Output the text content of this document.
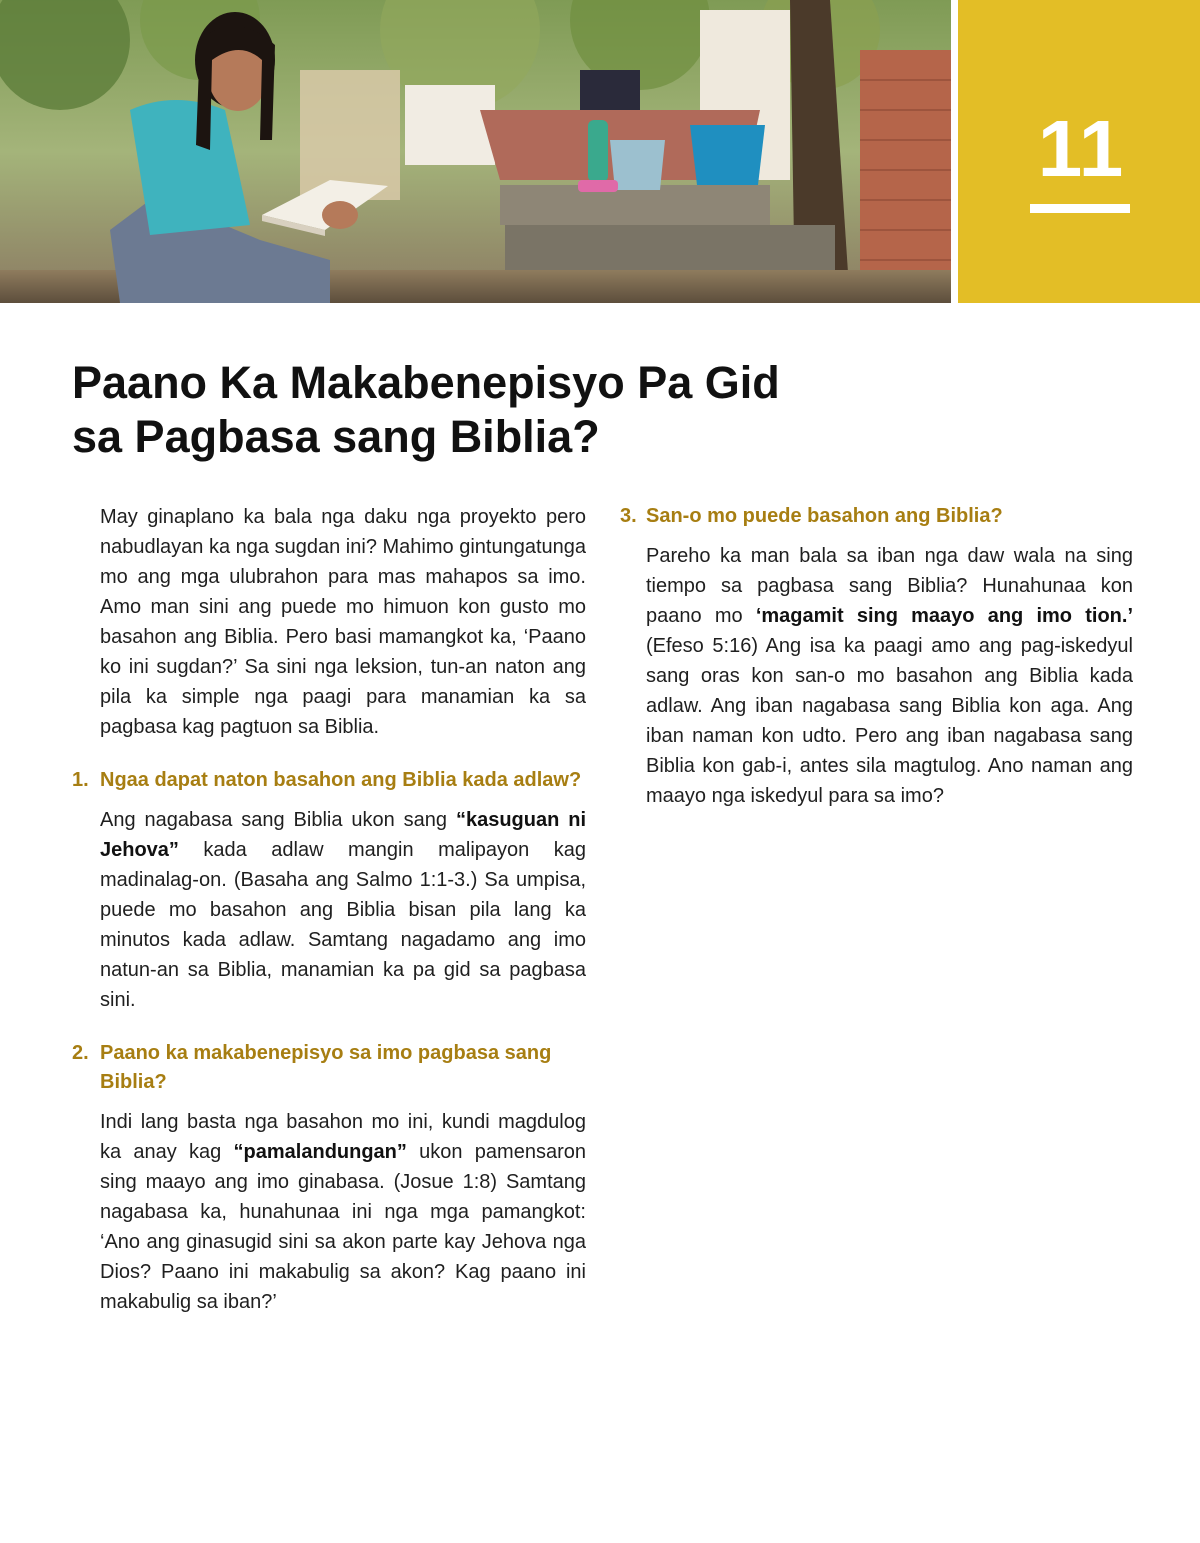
11
Paano Ka Makabenepisyo Pa Gid
sa Pagbasa sang Biblia?

May ginaplano ka bala nga daku nga proyekto pero nabudlayan ka nga sugdan ini? Mahimo gintungatunga mo ang mga ulubrahon para mas mahapos sa imo. Amo man sini ang puede mo himuon kon gusto mo basahon ang Biblia. Pero basi mamangkot ka, ‘Paano ko ini sugdan?’ Sa sini nga leksion, tun-an naton ang pila ka simple nga paagi para manamian ka sa pagbasa kag pagtuon sa Biblia.

1. Ngaa dapat naton basahon ang Biblia kada adlaw?

Ang nagabasa sang Biblia ukon sang “kasuguan ni Jehova” kada adlaw mangin malipayon kag madinalag-on. (Basaha ang Salmo 1:1-3.) Sa umpisa, puede mo basahon ang Biblia bisan pila lang ka minutos kada adlaw. Samtang nagadamo ang imo natun-an sa Biblia, manamian ka pa gid sa pagbasa sini.

2. Paano ka makabenepisyo sa imo pagbasa sang Biblia?

Indi lang basta nga basahon mo ini, kundi magdulog ka anay kag “pamalandungan” ukon pamensaron sing maayo ang imo ginabasa. (Josue 1:8) Samtang nagabasa ka, hunahunaa ini nga mga pamangkot: ‘Ano ang ginasugid sini sa akon parte kay Jehova nga Dios? Paano ini makabulig sa akon? Kag paano ini makabulig sa iban?’

3. San-o mo puede basahon ang Biblia?

Pareho ka man bala sa iban nga daw wala na sing tiempo sa pagbasa sang Biblia? Hunahunaa kon paano mo ‘magamit sing maayo ang imo tion.’ (Efeso 5:16) Ang isa ka paagi amo ang pag-iskedyul sang oras kon san-o mo basahon ang Biblia kada adlaw. Ang iban nagabasa sang Biblia kon aga. Ang iban naman kon udto. Pero ang iban nagabasa sang Biblia kon gab-i, antes sila magtulog. Ano naman ang maayo nga iskedyul para sa imo?
